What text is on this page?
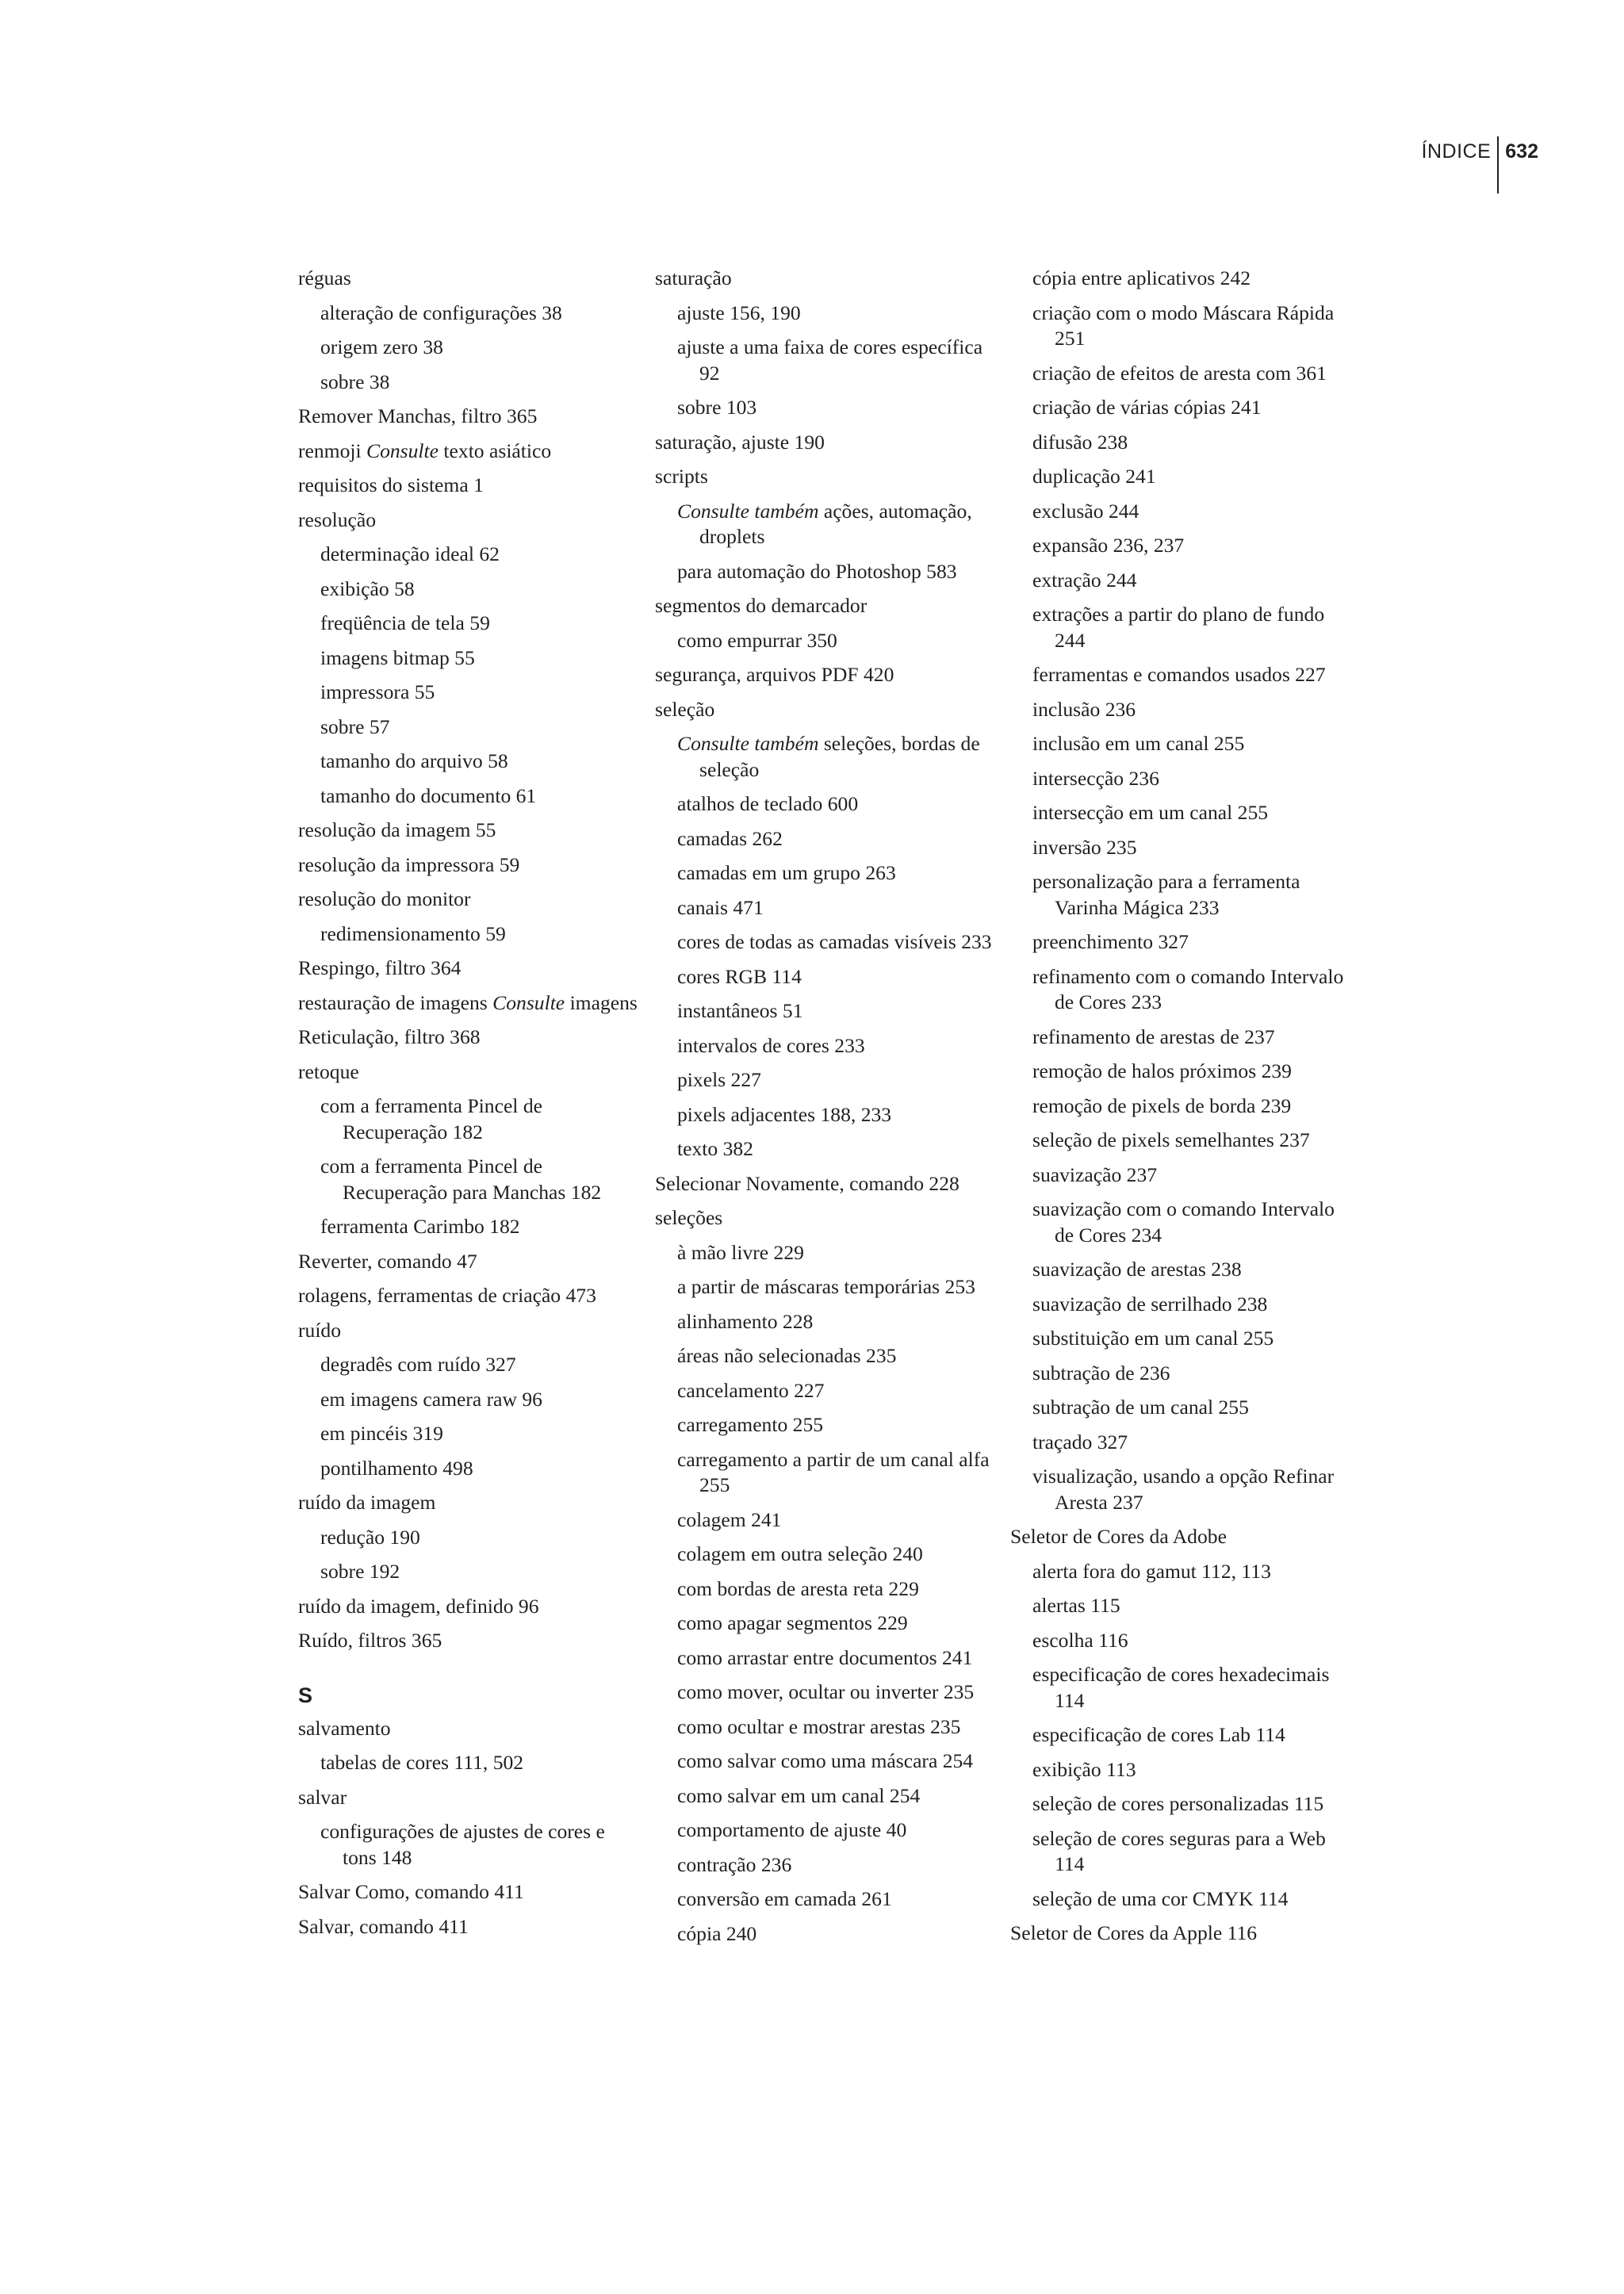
ÍNDICE 632
réguas
alteração de configurações 38
origem zero 38
sobre 38
Remover Manchas, filtro 365
renmoji Consulte texto asiático
requisitos do sistema 1
resolução
determinação ideal 62
exibição 58
freqüência de tela 59
imagens bitmap 55
impressora 55
sobre 57
tamanho do arquivo 58
tamanho do documento 61
resolução da imagem 55
resolução da impressora 59
resolução do monitor
redimensionamento 59
Respingo, filtro 364
restauração de imagens Consulte imagens
Reticulação, filtro 368
retoque
com a ferramenta Pincel de Recuperação 182
com a ferramenta Pincel de Recuperação para Manchas 182
ferramenta Carimbo 182
Reverter, comando 47
rolagens, ferramentas de criação 473
ruído
degradês com ruído 327
em imagens camera raw 96
em pincéis 319
pontilhamento 498
ruído da imagem
redução 190
sobre 192
ruído da imagem, definido 96
Ruído, filtros 365
S
salvamento
tabelas de cores 111, 502
salvar
configurações de ajustes de cores e tons 148
Salvar Como, comando 411
Salvar, comando 411
saturação
ajuste 156, 190
ajuste a uma faixa de cores específica 92
sobre 103
saturação, ajuste 190
scripts
Consulte também ações, automação, droplets
para automação do Photoshop 583
segmentos do demarcador
como empurrar 350
segurança, arquivos PDF 420
seleção
Consulte também seleções, bordas de seleção
atalhos de teclado 600
camadas 262
camadas em um grupo 263
canais 471
cores de todas as camadas visíveis 233
cores RGB 114
instantâneos 51
intervalos de cores 233
pixels 227
pixels adjacentes 188, 233
texto 382
Selecionar Novamente, comando 228
seleções
à mão livre 229
a partir de máscaras temporárias 253
alinhamento 228
áreas não selecionadas 235
cancelamento 227
carregamento 255
carregamento a partir de um canal alfa 255
colagem 241
colagem em outra seleção 240
com bordas de aresta reta 229
como apagar segmentos 229
como arrastar entre documentos 241
como mover, ocultar ou inverter 235
como ocultar e mostrar arestas 235
como salvar como uma máscara 254
como salvar em um canal 254
comportamento de ajuste 40
contração 236
conversão em camada 261
cópia 240
cópia entre aplicativos 242
criação com o modo Máscara Rápida 251
criação de efeitos de aresta com 361
criação de várias cópias 241
difusão 238
duplicação 241
exclusão 244
expansão 236, 237
extração 244
extrações a partir do plano de fundo 244
ferramentas e comandos usados 227
inclusão 236
inclusão em um canal 255
intersecção 236
intersecção em um canal 255
inversão 235
personalização para a ferramenta Varinha Mágica 233
preenchimento 327
refinamento com o comando Intervalo de Cores 233
refinamento de arestas de 237
remoção de halos próximos 239
remoção de pixels de borda 239
seleção de pixels semelhantes 237
suavização 237
suavização com o comando Intervalo de Cores 234
suavização de arestas 238
suavização de serrilhado 238
substituição em um canal 255
subtração de 236
subtração de um canal 255
traçado 327
visualização, usando a opção Refinar Aresta 237
Seletor de Cores da Adobe
alerta fora do gamut 112, 113
alertas 115
escolha 116
especificação de cores hexadecimais 114
especificação de cores Lab 114
exibição 113
seleção de cores personalizadas 115
seleção de cores seguras para a Web 114
seleção de uma cor CMYK 114
Seletor de Cores da Apple 116
